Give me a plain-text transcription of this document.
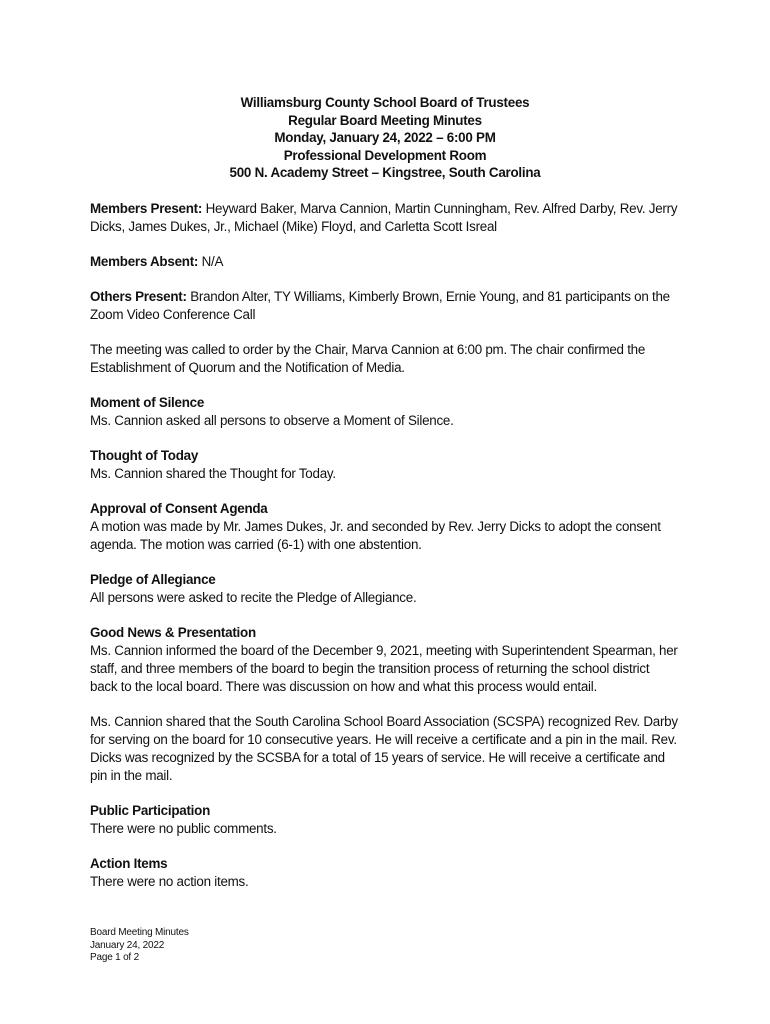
Williamsburg County School Board of Trustees
Regular Board Meeting Minutes
Monday, January 24, 2022 – 6:00 PM
Professional Development Room
500 N. Academy Street – Kingstree, South Carolina

Members Present: Heyward Baker, Marva Cannion, Martin Cunningham, Rev. Alfred Darby, Rev. Jerry Dicks, James Dukes, Jr., Michael (Mike) Floyd, and Carletta Scott Isreal

Members Absent: N/A

Others Present: Brandon Alter, TY Williams, Kimberly Brown, Ernie Young, and 81 participants on the Zoom Video Conference Call

The meeting was called to order by the Chair, Marva Cannion at 6:00 pm. The chair confirmed the Establishment of Quorum and the Notification of Media.

Moment of Silence
Ms. Cannion asked all persons to observe a Moment of Silence.
Thought of Today
Ms. Cannion shared the Thought for Today.
Approval of Consent Agenda
A motion was made by Mr. James Dukes, Jr. and seconded by Rev. Jerry Dicks to adopt the consent agenda. The motion was carried (6-1) with one abstention.
Pledge of Allegiance
All persons were asked to recite the Pledge of Allegiance.
Good News & Presentation
Ms. Cannion informed the board of the December 9, 2021, meeting with Superintendent Spearman, her staff, and three members of the board to begin the transition process of returning the school district back to the local board. There was discussion on how and what this process would entail.

Ms. Cannion shared that the South Carolina School Board Association (SCSPA) recognized Rev. Darby for serving on the board for 10 consecutive years. He will receive a certificate and a pin in the mail. Rev. Dicks was recognized by the SCSBA for a total of 15 years of service. He will receive a certificate and pin in the mail.

Public Participation
There were no public comments.
Action Items
There were no action items.
Board Meeting Minutes
January 24, 2022
Page 1 of 2
